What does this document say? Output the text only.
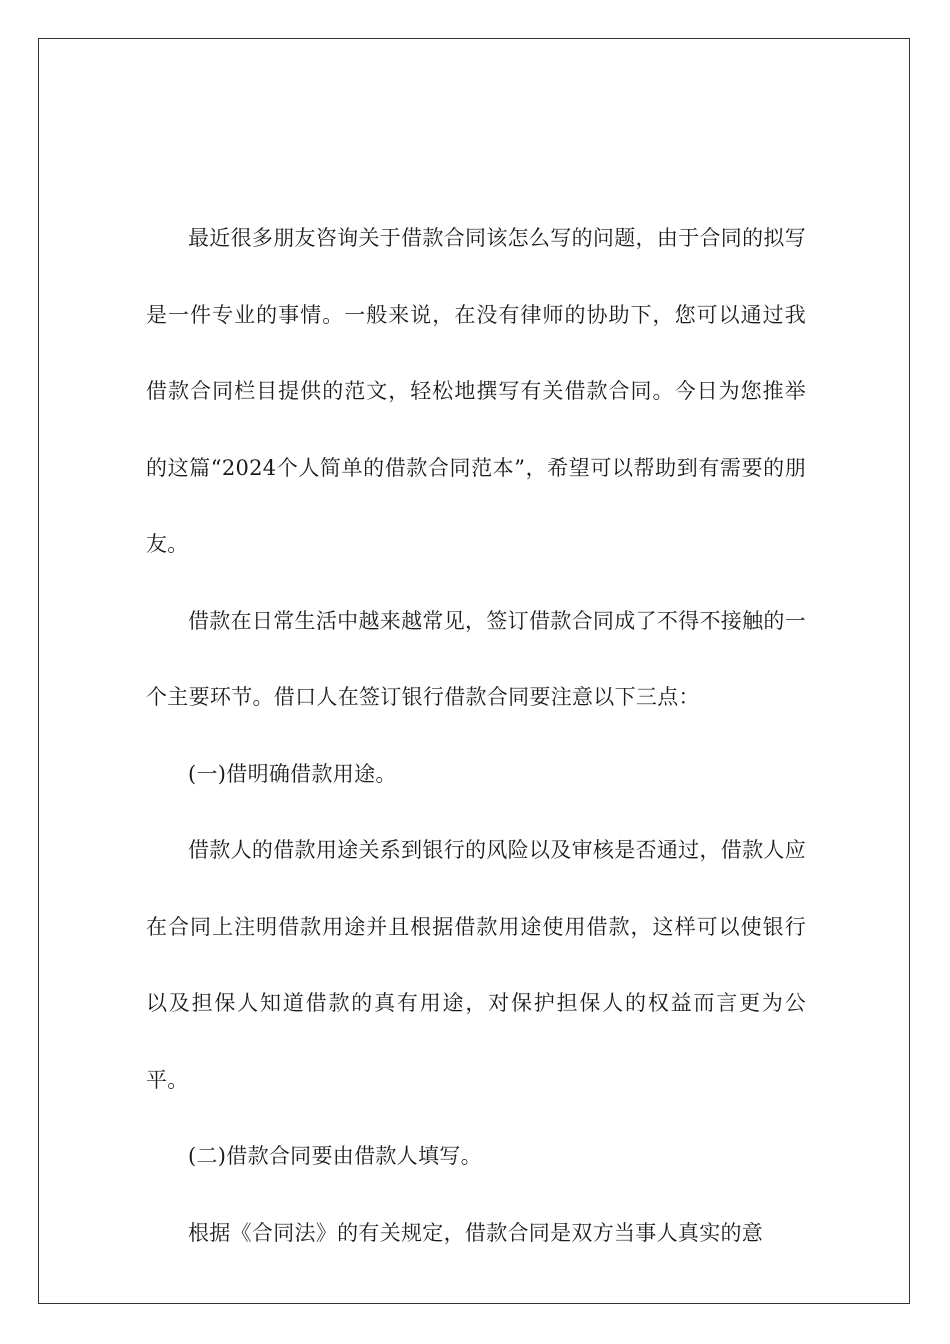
最近很多朋友咨询关于借款合同该怎么写的问题，由于合同的拟写是一件专业的事情。一般来说，在没有律师的协助下，您可以通过我借款合同栏目提供的范文，轻松地撰写有关借款合同。今日为您推举的这篇“2024个人简单的借款合同范本”，希望可以帮助到有需要的朋友。

借款在日常生活中越来越常见，签订借款合同成了不得不接触的一个主要环节。借口人在签订银行借款合同要注意以下三点：

(一)借明确借款用途。

借款人的借款用途关系到银行的风险以及审核是否通过，借款人应在合同上注明借款用途并且根据借款用途使用借款，这样可以使银行以及担保人知道借款的真有用途，对保护担保人的权益而言更为公平。

(二)借款合同要由借款人填写。

根据《合同法》的有关规定，借款合同是双方当事人真实的意
